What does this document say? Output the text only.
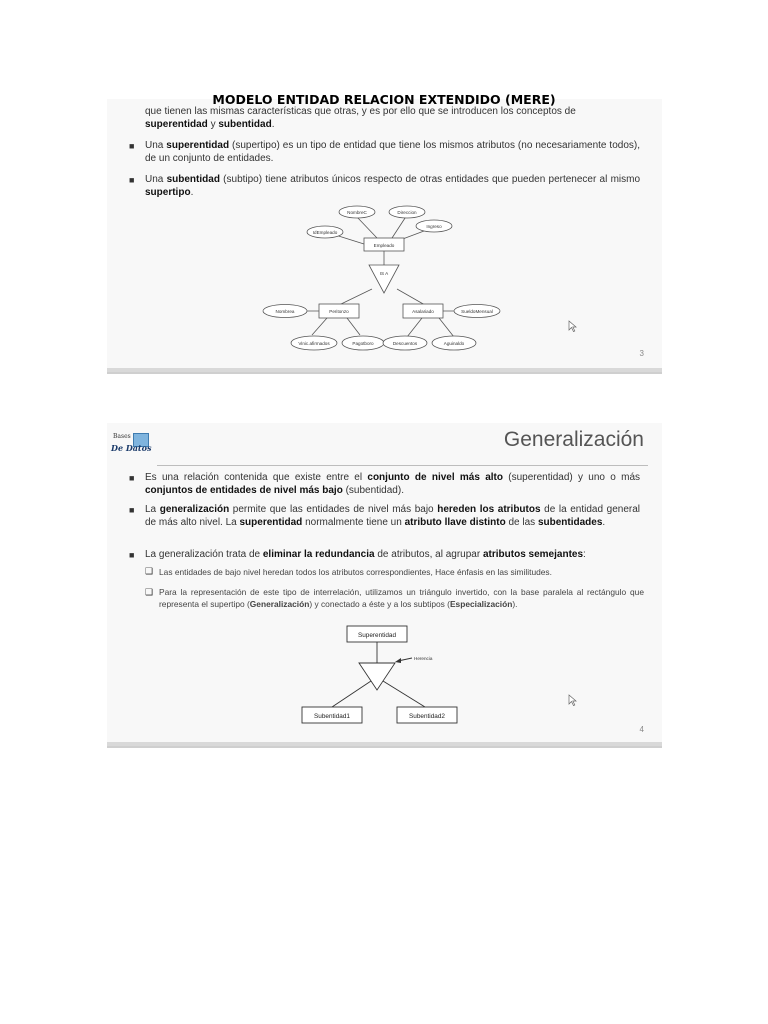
MODELO ENTIDAD RELACION EXTENDIDO (MERE)
que tienen las mismas características que otras, y es por ello que se introducen los conceptos de
superentidad y subentidad.
■ Una superentidad (supertipo) es un tipo de entidad que tiene los mismos atributos (no necesariamente todos), de un conjunto de entidades.
■ Una subentidad (subtipo) tiene atributos únicos respecto de otras entidades que pueden pertenecer al mismo supertipo.
NombreC	Direccion
IdEmpleado
Ingreso
Empleado
IS A
Peritonzo	Asalariado
Nombrea	SueldoMensual
Vinic.afirmados	Pagotboro	Descuentos	Aguinaldo
3
Bases
De Datos	Generalización
■ Es una relación contenida que existe entre el conjunto de nivel más alto (superentidad) y uno o más conjuntos de entidades de nivel más bajo (subentidad).
■ La generalización permite que las entidades de nivel más bajo hereden los atributos de la entidad general de más alto nivel. La superentidad normalmente tiene un atributo llave distinto de las subentidades.
■ La generalización trata de eliminar la redundancia de atributos, al agrupar atributos semejantes:
❑ Las entidades de bajo nivel heredan todos los atributos correspondientes, Hace énfasis en las similitudes.
❑ Para la representación de este tipo de interrelación, utilizamos un triángulo invertido, con la base paralela al rectángulo que representa el supertipo (Generalización) y conectado a éste y a los subtipos (Especialización).
Superentidad
Subentidad1	Subentidad2
Herencia
4
